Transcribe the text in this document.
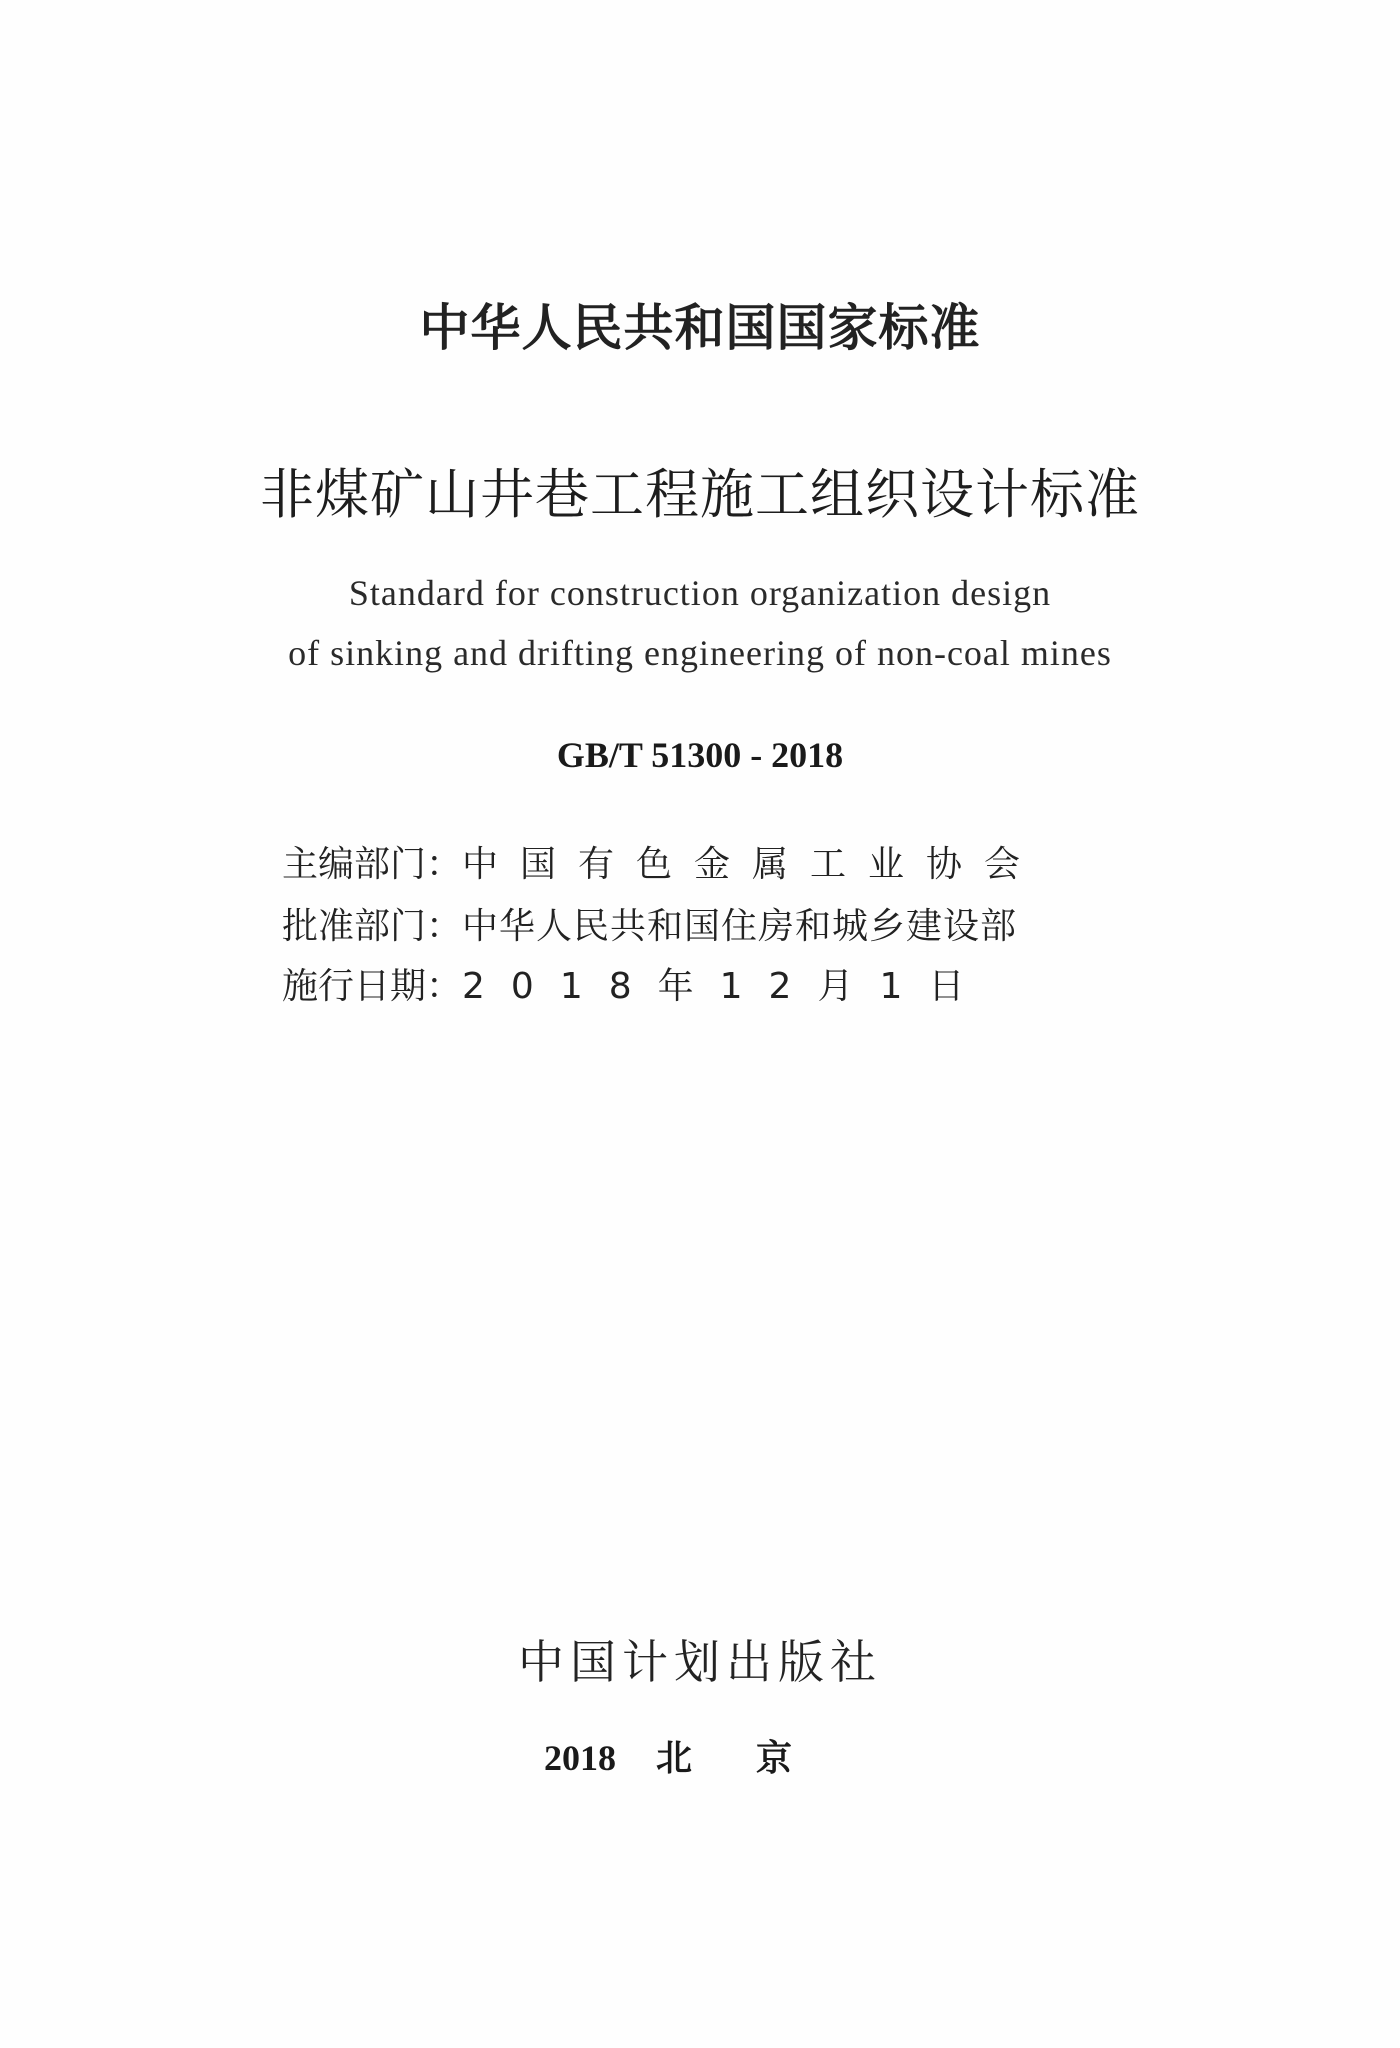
中华人民共和国国家标准
非煤矿山井巷工程施工组织设计标准
Standard for construction organization design
of sinking and drifting engineering of non-coal mines
GB/T 51300 - 2018
主编部门：中国有色金属工业协会
批准部门：中华人民共和国住房和城乡建设部
施行日期：2018年12月1日
中国计划出版社
2018 北京
